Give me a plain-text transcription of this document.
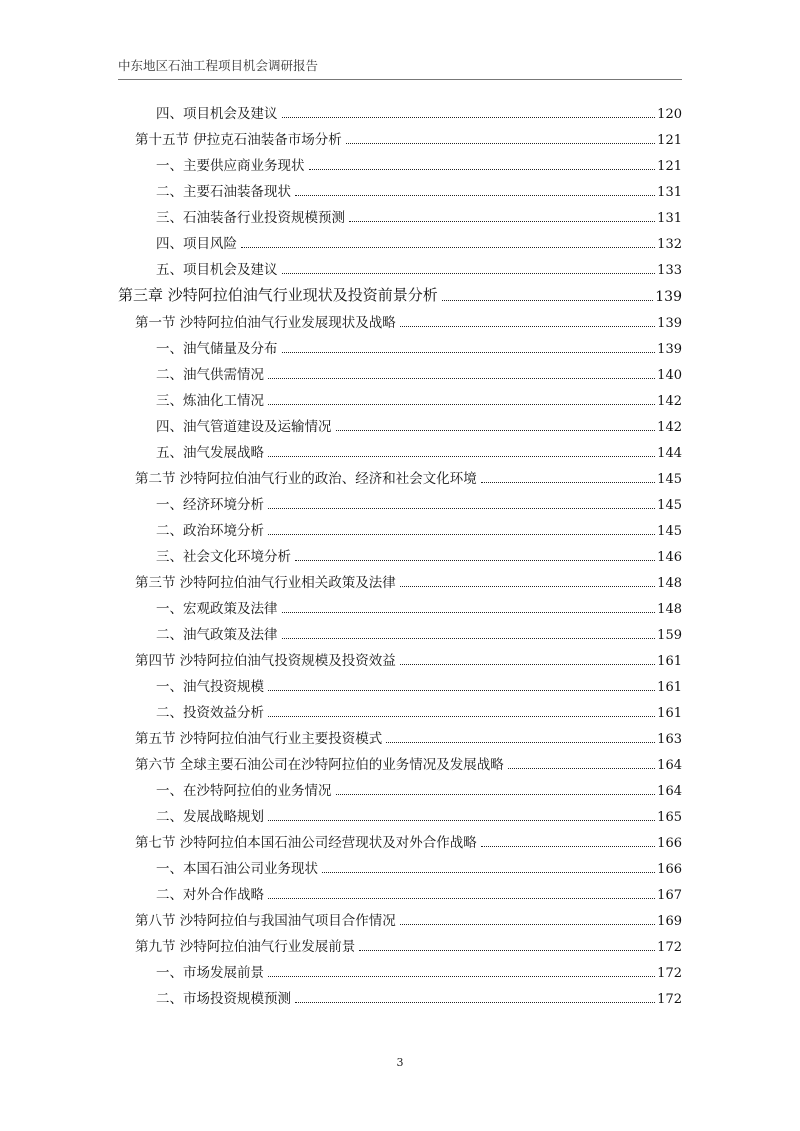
中东地区石油工程项目机会调研报告
四、项目机会及建议	120
第十五节 伊拉克石油装备市场分析	121
一、主要供应商业务现状	121
二、主要石油装备现状	131
三、石油装备行业投资规模预测	131
四、项目风险	132
五、项目机会及建议	133
第三章 沙特阿拉伯油气行业现状及投资前景分析	139
第一节 沙特阿拉伯油气行业发展现状及战略	139
一、油气储量及分布	139
二、油气供需情况	140
三、炼油化工情况	142
四、油气管道建设及运输情况	142
五、油气发展战略	144
第二节 沙特阿拉伯油气行业的政治、经济和社会文化环境	145
一、经济环境分析	145
二、政治环境分析	145
三、社会文化环境分析	146
第三节 沙特阿拉伯油气行业相关政策及法律	148
一、宏观政策及法律	148
二、油气政策及法律	159
第四节 沙特阿拉伯油气投资规模及投资效益	161
一、油气投资规模	161
二、投资效益分析	161
第五节 沙特阿拉伯油气行业主要投资模式	163
第六节 全球主要石油公司在沙特阿拉伯的业务情况及发展战略	164
一、在沙特阿拉伯的业务情况	164
二、发展战略规划	165
第七节 沙特阿拉伯本国石油公司经营现状及对外合作战略	166
一、本国石油公司业务现状	166
二、对外合作战略	167
第八节 沙特阿拉伯与我国油气项目合作情况	169
第九节 沙特阿拉伯油气行业发展前景	172
一、市场发展前景	172
二、市场投资规模预测	172
3
